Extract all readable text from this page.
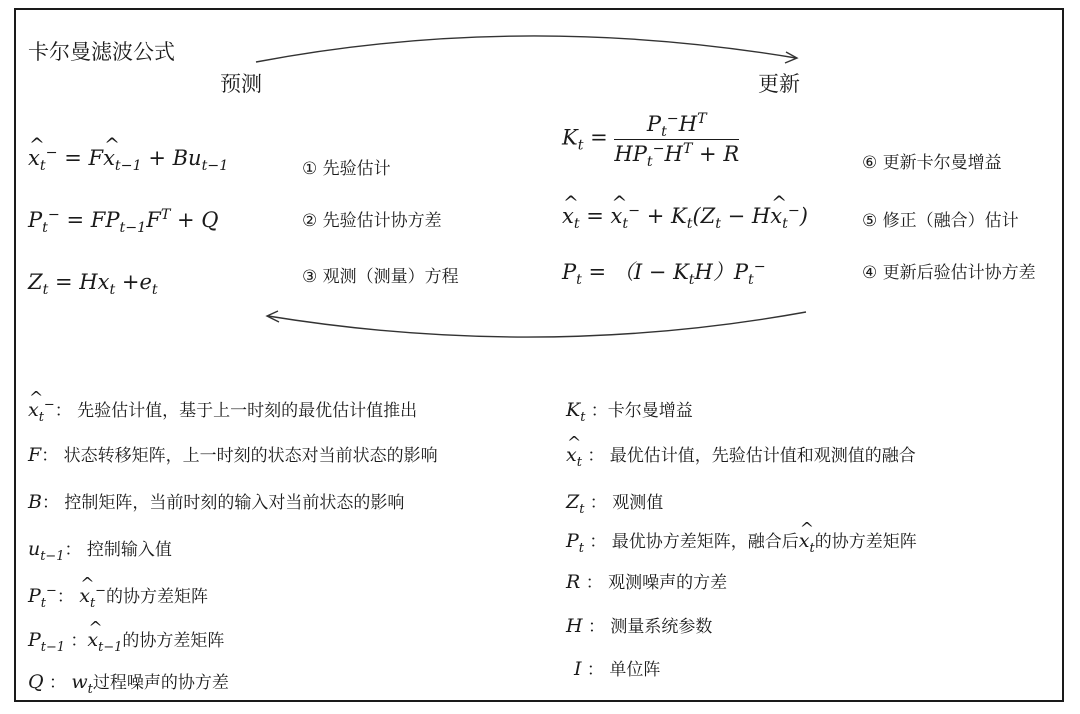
卡尔曼滤波公式
预测	更新
^ $x_t^-$ = F^ $x_{t-1} + Bu_{t-1}$
$P_t^- = FP_{t-1}F^T + Q$
$Z_t = Hx_t +e_t$
① 先验估计
② 先验估计协方差
③ 观测（测量）方程
$K_t = \frac{P_t^-H^T}{HP_t^-H^T + R}$
^ $x_t$ = ^ $x_t^- + K_t(Z_t$ − H^ $x_t^-$)
$P_t = (I - K_tH)P_t^-$
⑥ 更新卡尔曼增益
⑤ 修正（融合）估计
④ 更新后验估计协方差
^ $x_t^-$： 先验估计值，基于上一时刻的最优估计值推出
F： 状态转移矩阵，上一时刻的状态对当前状态的影响
B： 控制矩阵，当前时刻的输入对当前状态的影响
$u_{t-1}$： 控制输入值
$P_t^-$： ^ $x_t^-$的协方差矩阵
$P_{t-1}$ ：^ $x_{t-1}$的协方差矩阵
Q ： $w_t$过程噪声的协方差
$K_t$ ：卡尔曼增益
^ $x_t$ ： 最优估计值，先验估计值和观测值的融合
$Z_t$ ： 观测值
$P_t$ ： 最优协方差矩阵，融合后^ $x_t$的协方差矩阵
R ： 观测噪声的方差
H ： 测量系统参数
I ： 单位阵
